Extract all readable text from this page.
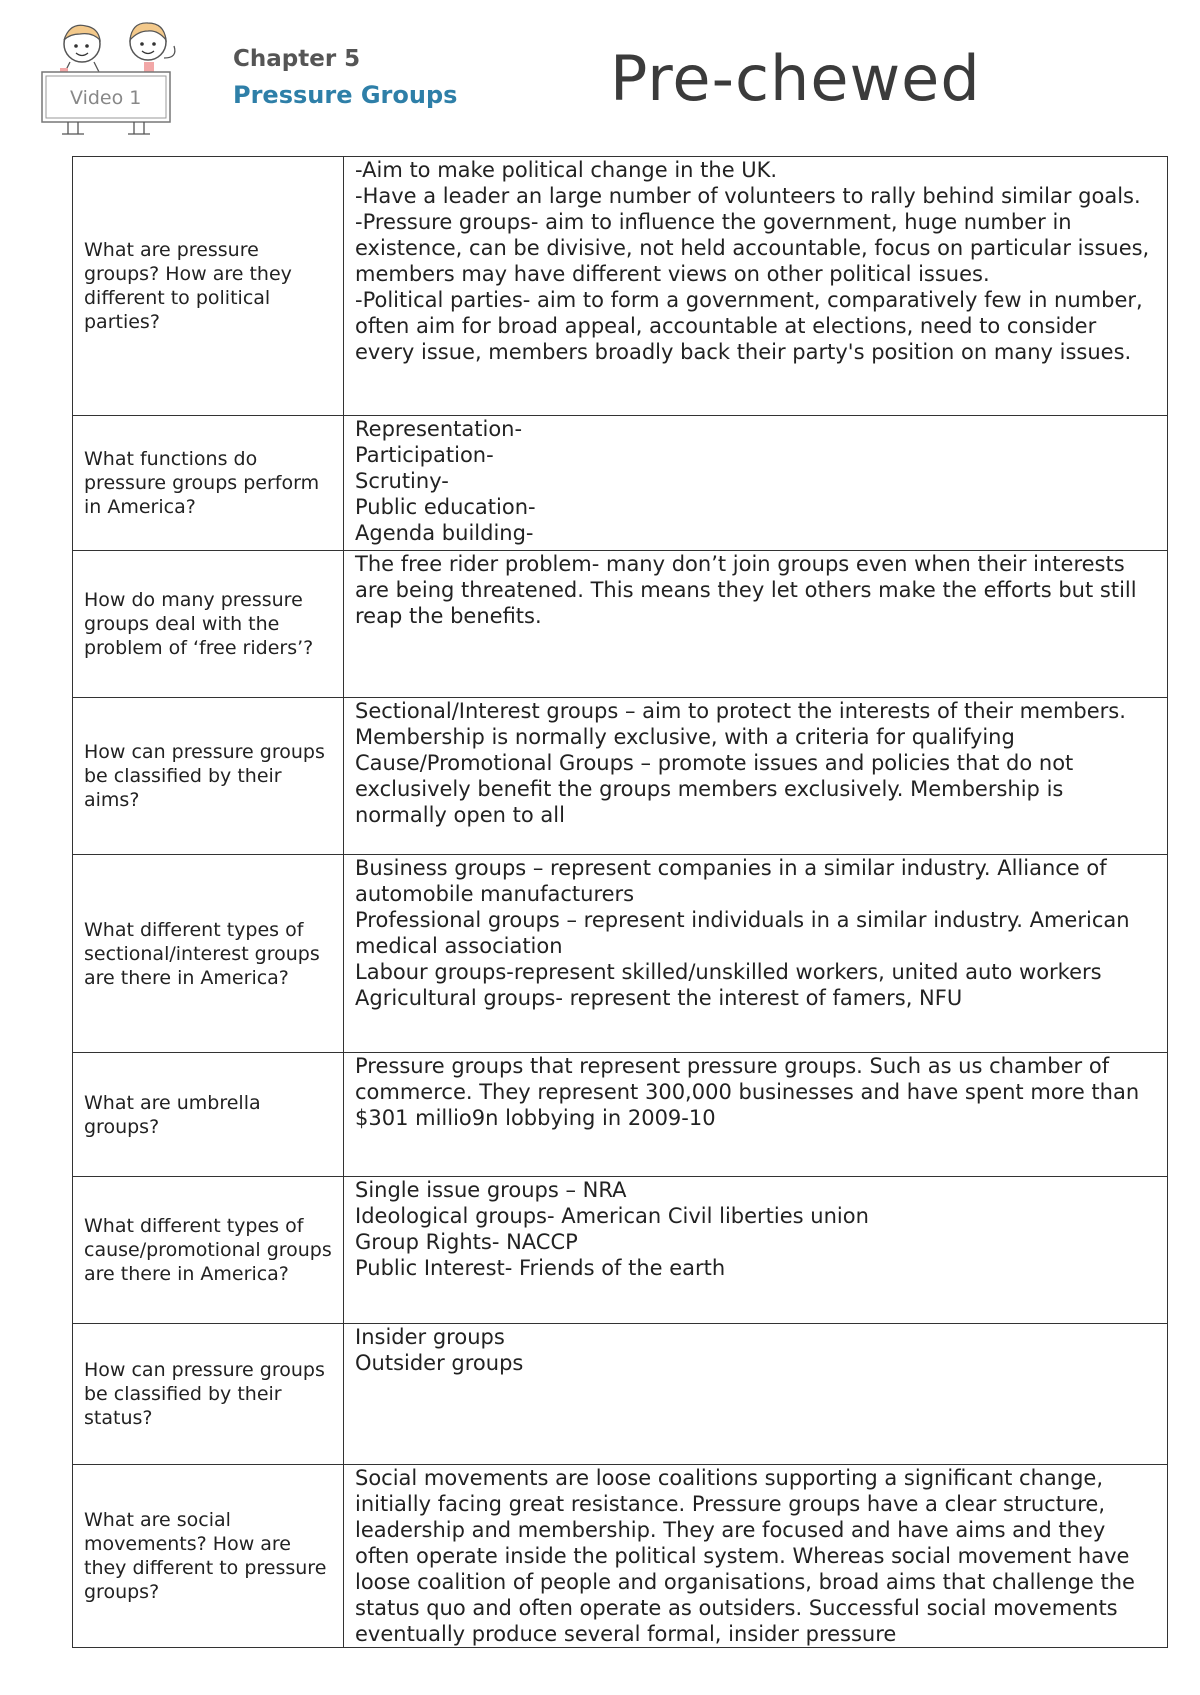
Video 1
Chapter 5
Pressure Groups Pre-chewed
What are pressure groups? How are they different to political parties?	-Aim to make political change in the UK.
-Have a leader an large number of volunteers to rally behind similar goals.
-Pressure groups- aim to influence the government, huge number in existence, can be divisive, not held accountable, focus on particular issues, members may have different views on other political issues.
-Political parties- aim to form a government, comparatively few in number, often aim for broad appeal, accountable at elections, need to consider every issue, members broadly back their party's position on many issues.

What functions do pressure groups perform in America?	Representation-
Participation-
Scrutiny-
Public education-
Agenda building-

How do many pressure groups deal with the problem of ‘free riders’?	The free rider problem- many don’t join groups even when their interests are being threatened. This means they let others make the efforts but still reap the benefits.

How can pressure groups be classified by their aims?	Sectional/Interest groups – aim to protect the interests of their members. Membership is normally exclusive, with a criteria for qualifying
Cause/Promotional Groups – promote issues and policies that do not exclusively benefit the groups members exclusively. Membership is normally open to all

What different types of sectional/interest groups are there in America?	Business groups – represent companies in a similar industry. Alliance of automobile manufacturers
Professional groups – represent individuals in a similar industry. American medical association
Labour groups-represent skilled/unskilled workers, united auto workers
Agricultural groups- represent the interest of famers, NFU

What are umbrella groups?	Pressure groups that represent pressure groups. Such as us chamber of commerce. They represent 300,000 businesses and have spent more than $301 millio9n lobbying in 2009-10

What different types of cause/promotional groups are there in America?	Single issue groups – NRA
Ideological groups- American Civil liberties union
Group Rights- NACCP
Public Interest- Friends of the earth

How can pressure groups be classified by their status?	Insider groups
Outsider groups

What are social movements? How are they different to pressure groups?	Social movements are loose coalitions supporting a significant change, initially facing great resistance. Pressure groups have a clear structure, leadership and membership. They are focused and have aims and they often operate inside the political system. Whereas social movement have loose coalition of people and organisations, broad aims that challenge the status quo and often operate as outsiders. Successful social movements eventually produce several formal, insider pressure
